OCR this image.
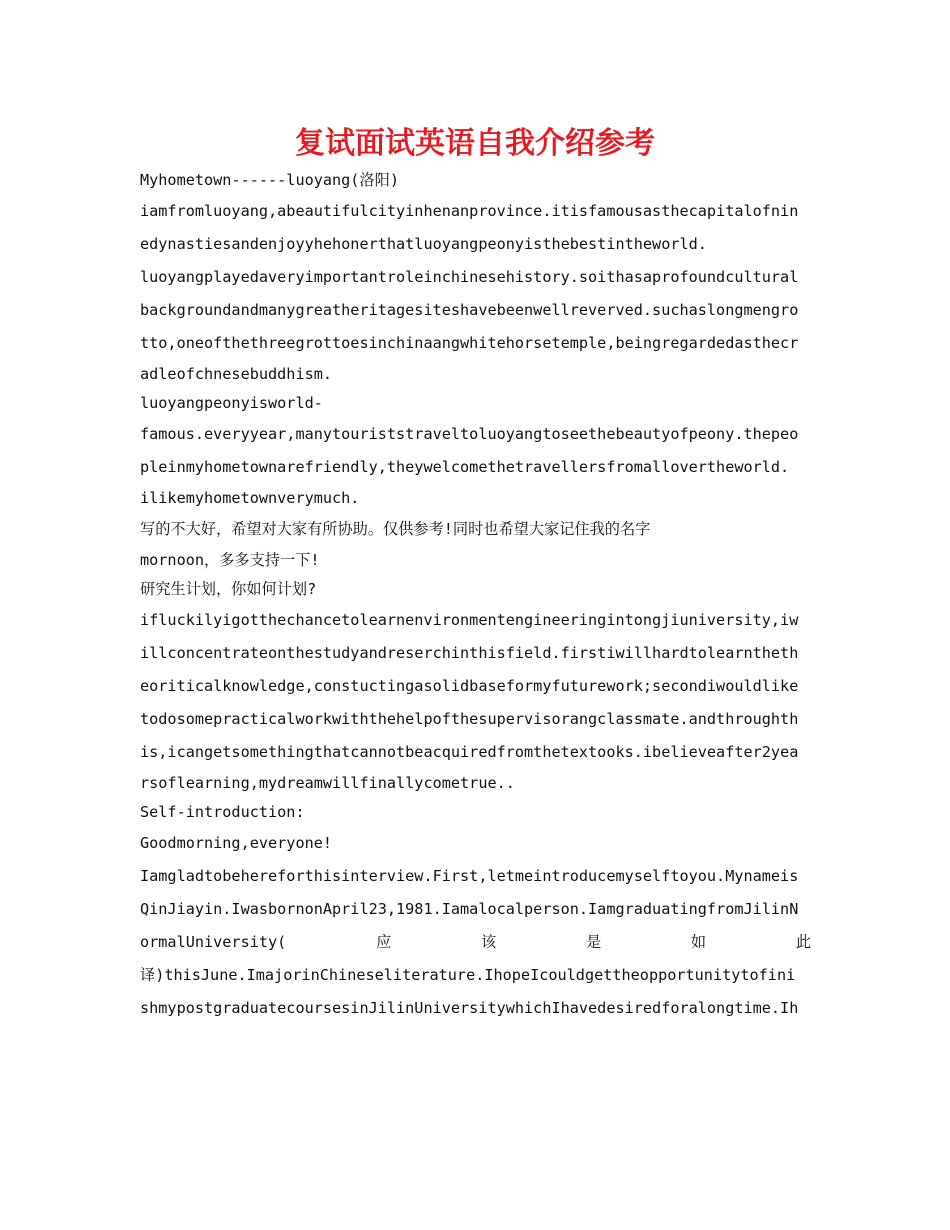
复试面试英语自我介绍参考
Myhometown------luoyang(洛阳)
iamfromluoyang,abeautifulcityinhenanprovince.itisfamousasthecapitalofnin
edynastiesandenjoyyhehonerthatluoyangpeonyisthebestintheworld.
luoyangplayedaveryimportantroleinchinesehistory.soithasaprofoundcultural
backgroundandmanygreatheritagesiteshavebeenwellreverved.suchaslongmengro
tto,oneofthethreegrottoesinchinaangwhitehorsetemple,beingregardedasthecr
adleofchnesebuddhism.
luoyangpeonyisworld-
famous.everyyear,manytouriststraveltoluoyangtoseethebeautyofpeony.thepeo
pleinmyhometownarefriendly,theywelcomethetravellersfromallovertheworld.
ilikemyhometownverymuch.
写的不大好，希望对大家有所协助。仅供参考!同时也希望大家记住我的名字
mornoon，多多支持一下!
研究生计划，你如何计划?
ifluckilyigotthechancetolearnenvironmentengineeringintongjiuniversity,iw
illconcentrateonthestudyandreserchinthisfield.firstiwillhardtolearntheth
eoriticalknowledge,constuctingasolidbaseformyfuturework;secondiwouldlike
todosomepracticalworkwiththehelpofthesupervisorangclassmate.andthroughth
is,icangetsomethingthatcannotbeacquiredfromthetextooks.ibelieveafter2yea
rsoflearning,mydreamwillfinallycometrue..
Self-introduction:
Goodmorning,everyone!
Iamgladtobehereforthisinterview.First,letmeintroducemyselftoyou.Mynameis
QinJiayin.IwasbornonApril23,1981.Iamalocalperson.IamgraduatingfromJilinN
ormalUniversity(	应	该	是	如	此
译)thisJune.ImajorinChineseliterature.IhopeIcouldgettheopportunitytofini
shmypostgraduatecoursesinJilinUniversitywhichIhavedesiredforalongtime.Ih
